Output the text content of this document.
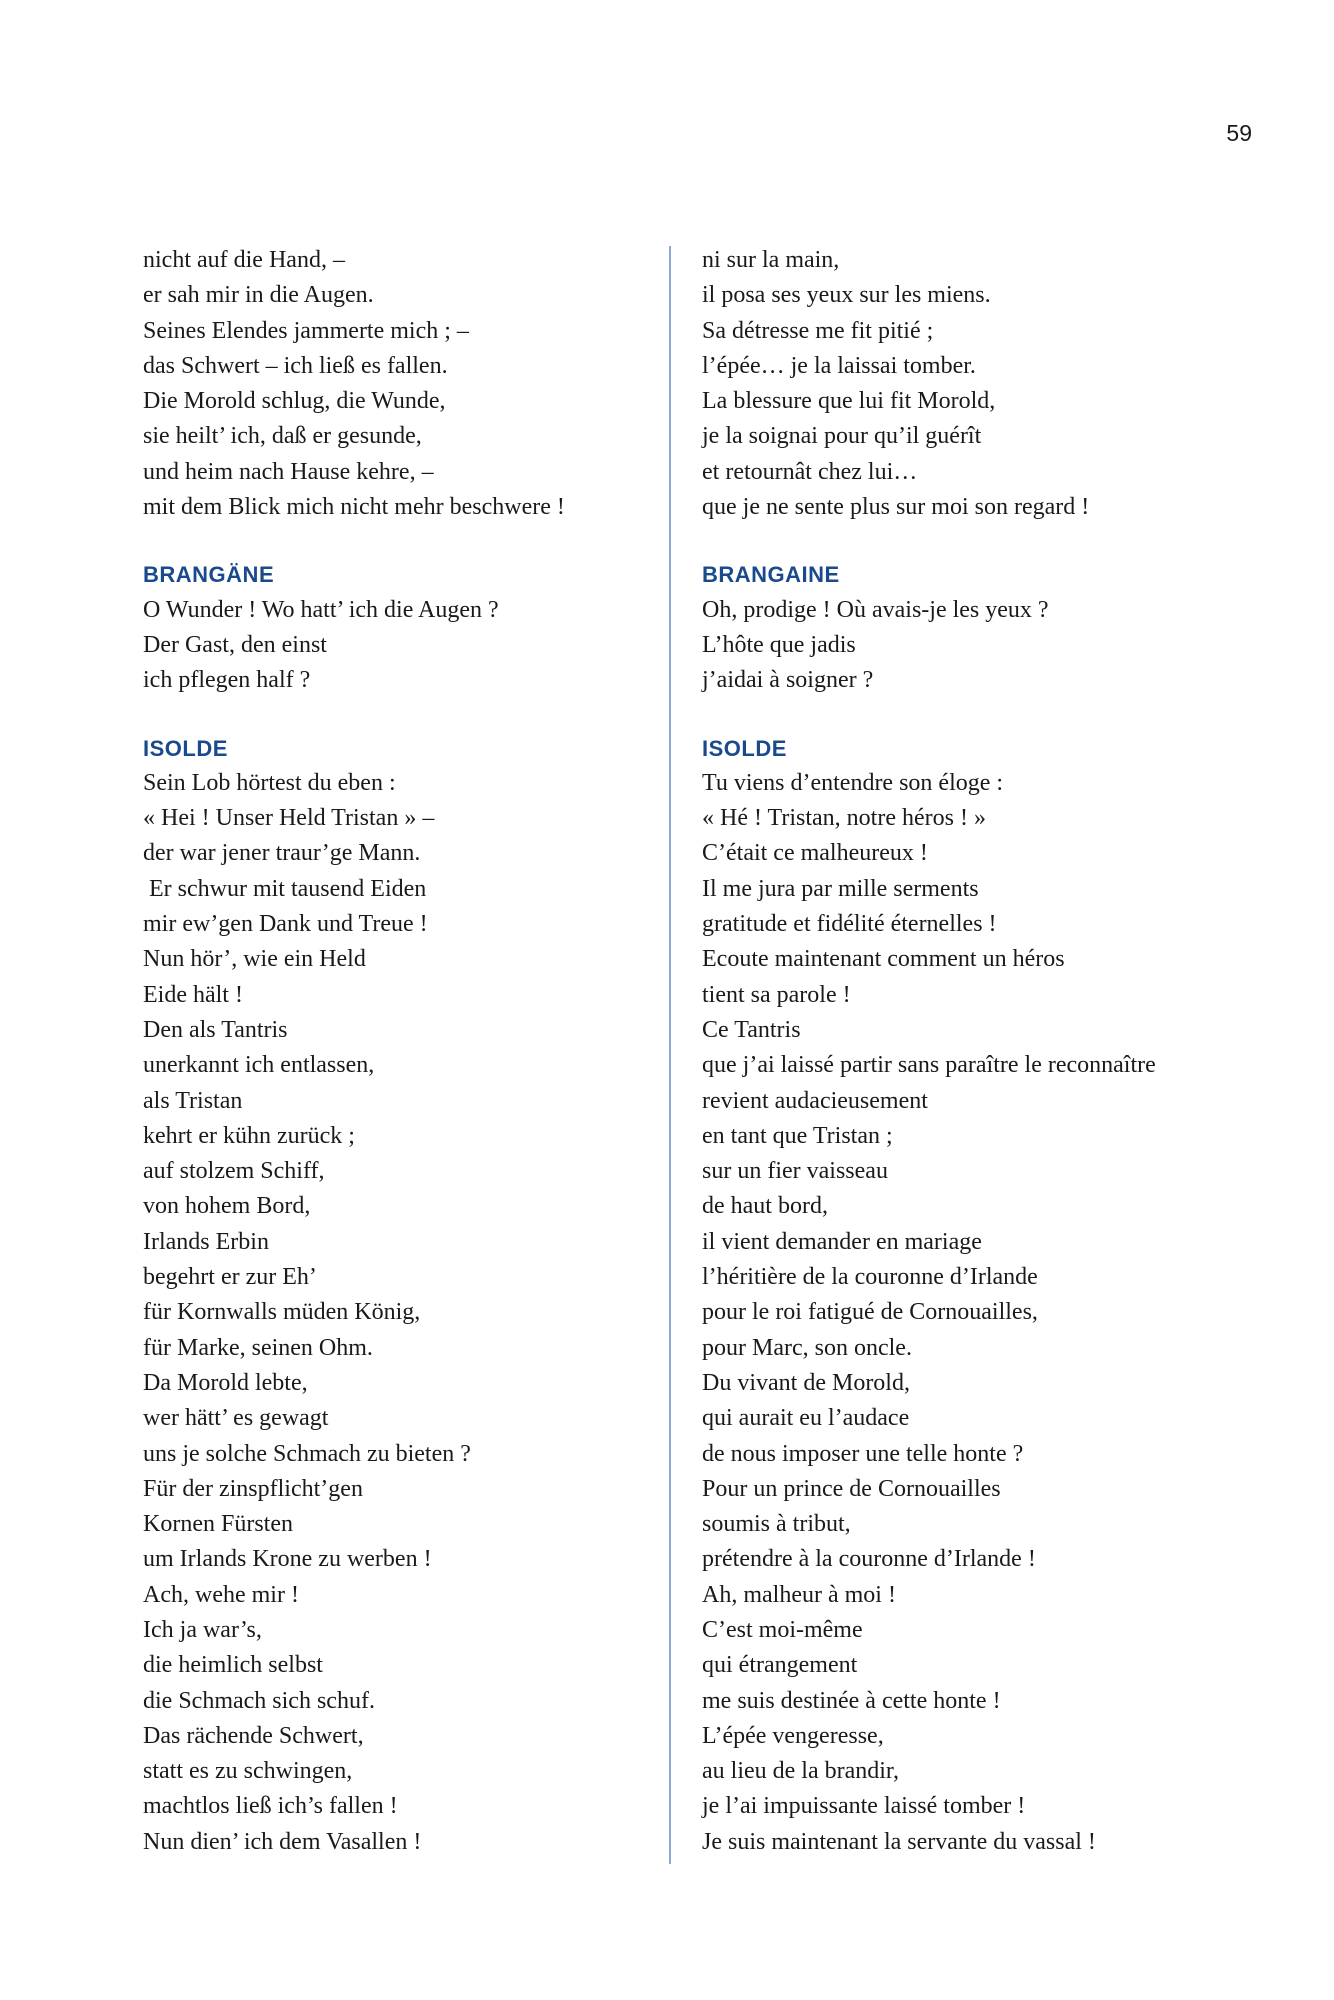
59
nicht auf die Hand, –
er sah mir in die Augen.
Seines Elendes jammerte mich ; –
das Schwert – ich ließ es fallen.
Die Morold schlug, die Wunde,
sie heilt’ ich, daß er gesunde,
und heim nach Hause kehre, –
mit dem Blick mich nicht mehr beschwere !
BRANGÄNE
O Wunder ! Wo hatt’ ich die Augen ?
Der Gast, den einst
ich pflegen half ?
ISOLDE
Sein Lob hörtest du eben :
« Hei ! Unser Held Tristan » –
der war jener traur’ge Mann.
Er schwur mit tausend Eiden
mir ew’gen Dank und Treue !
Nun hör’, wie ein Held
Eide hält !
Den als Tantris
unerkannt ich entlassen,
als Tristan
kehrt er kühn zurück ;
auf stolzem Schiff,
von hohem Bord,
Irlands Erbin
begehrt er zur Eh’
für Kornwalls müden König,
für Marke, seinen Ohm.
Da Morold lebte,
wer hätt’ es gewagt
uns je solche Schmach zu bieten ?
Für der zinspflicht’gen
Kornen Fürsten
um Irlands Krone zu werben !
Ach, wehe mir !
Ich ja war’s,
die heimlich selbst
die Schmach sich schuf.
Das rächende Schwert,
statt es zu schwingen,
machtlos ließ ich’s fallen !
Nun dien’ ich dem Vasallen !
ni sur la main,
il posa ses yeux sur les miens.
Sa détresse me fit pitié ;
l’épée… je la laissai tomber.
La blessure que lui fit Morold,
je la soignai pour qu’il guérît
et retournât chez lui…
que je ne sente plus sur moi son regard !
BRANGAINE
Oh, prodige ! Où avais-je les yeux ?
L’hôte que jadis
j’aidai à soigner ?
ISOLDE
Tu viens d’entendre son éloge :
« Hé ! Tristan, notre héros ! »
C’était ce malheureux !
Il me jura par mille serments
gratitude et fidélité éternelles !
Ecoute maintenant comment un héros
tient sa parole !
Ce Tantris
que j’ai laissé partir sans paraître le reconnaître
revient audacieusement
en tant que Tristan ;
sur un fier vaisseau
de haut bord,
il vient demander en mariage
l’héritière de la couronne d’Irlande
pour le roi fatigué de Cornouailles,
pour Marc, son oncle.
Du vivant de Morold,
qui aurait eu l’audace
de nous imposer une telle honte ?
Pour un prince de Cornouailles
soumis à tribut,
prétendre à la couronne d’Irlande !
Ah, malheur à moi !
C’est moi-même
qui étrangement
me suis destinée à cette honte !
L’épée vengeresse,
au lieu de la brandir,
je l’ai impuissante laissé tomber !
Je suis maintenant la servante du vassal !
